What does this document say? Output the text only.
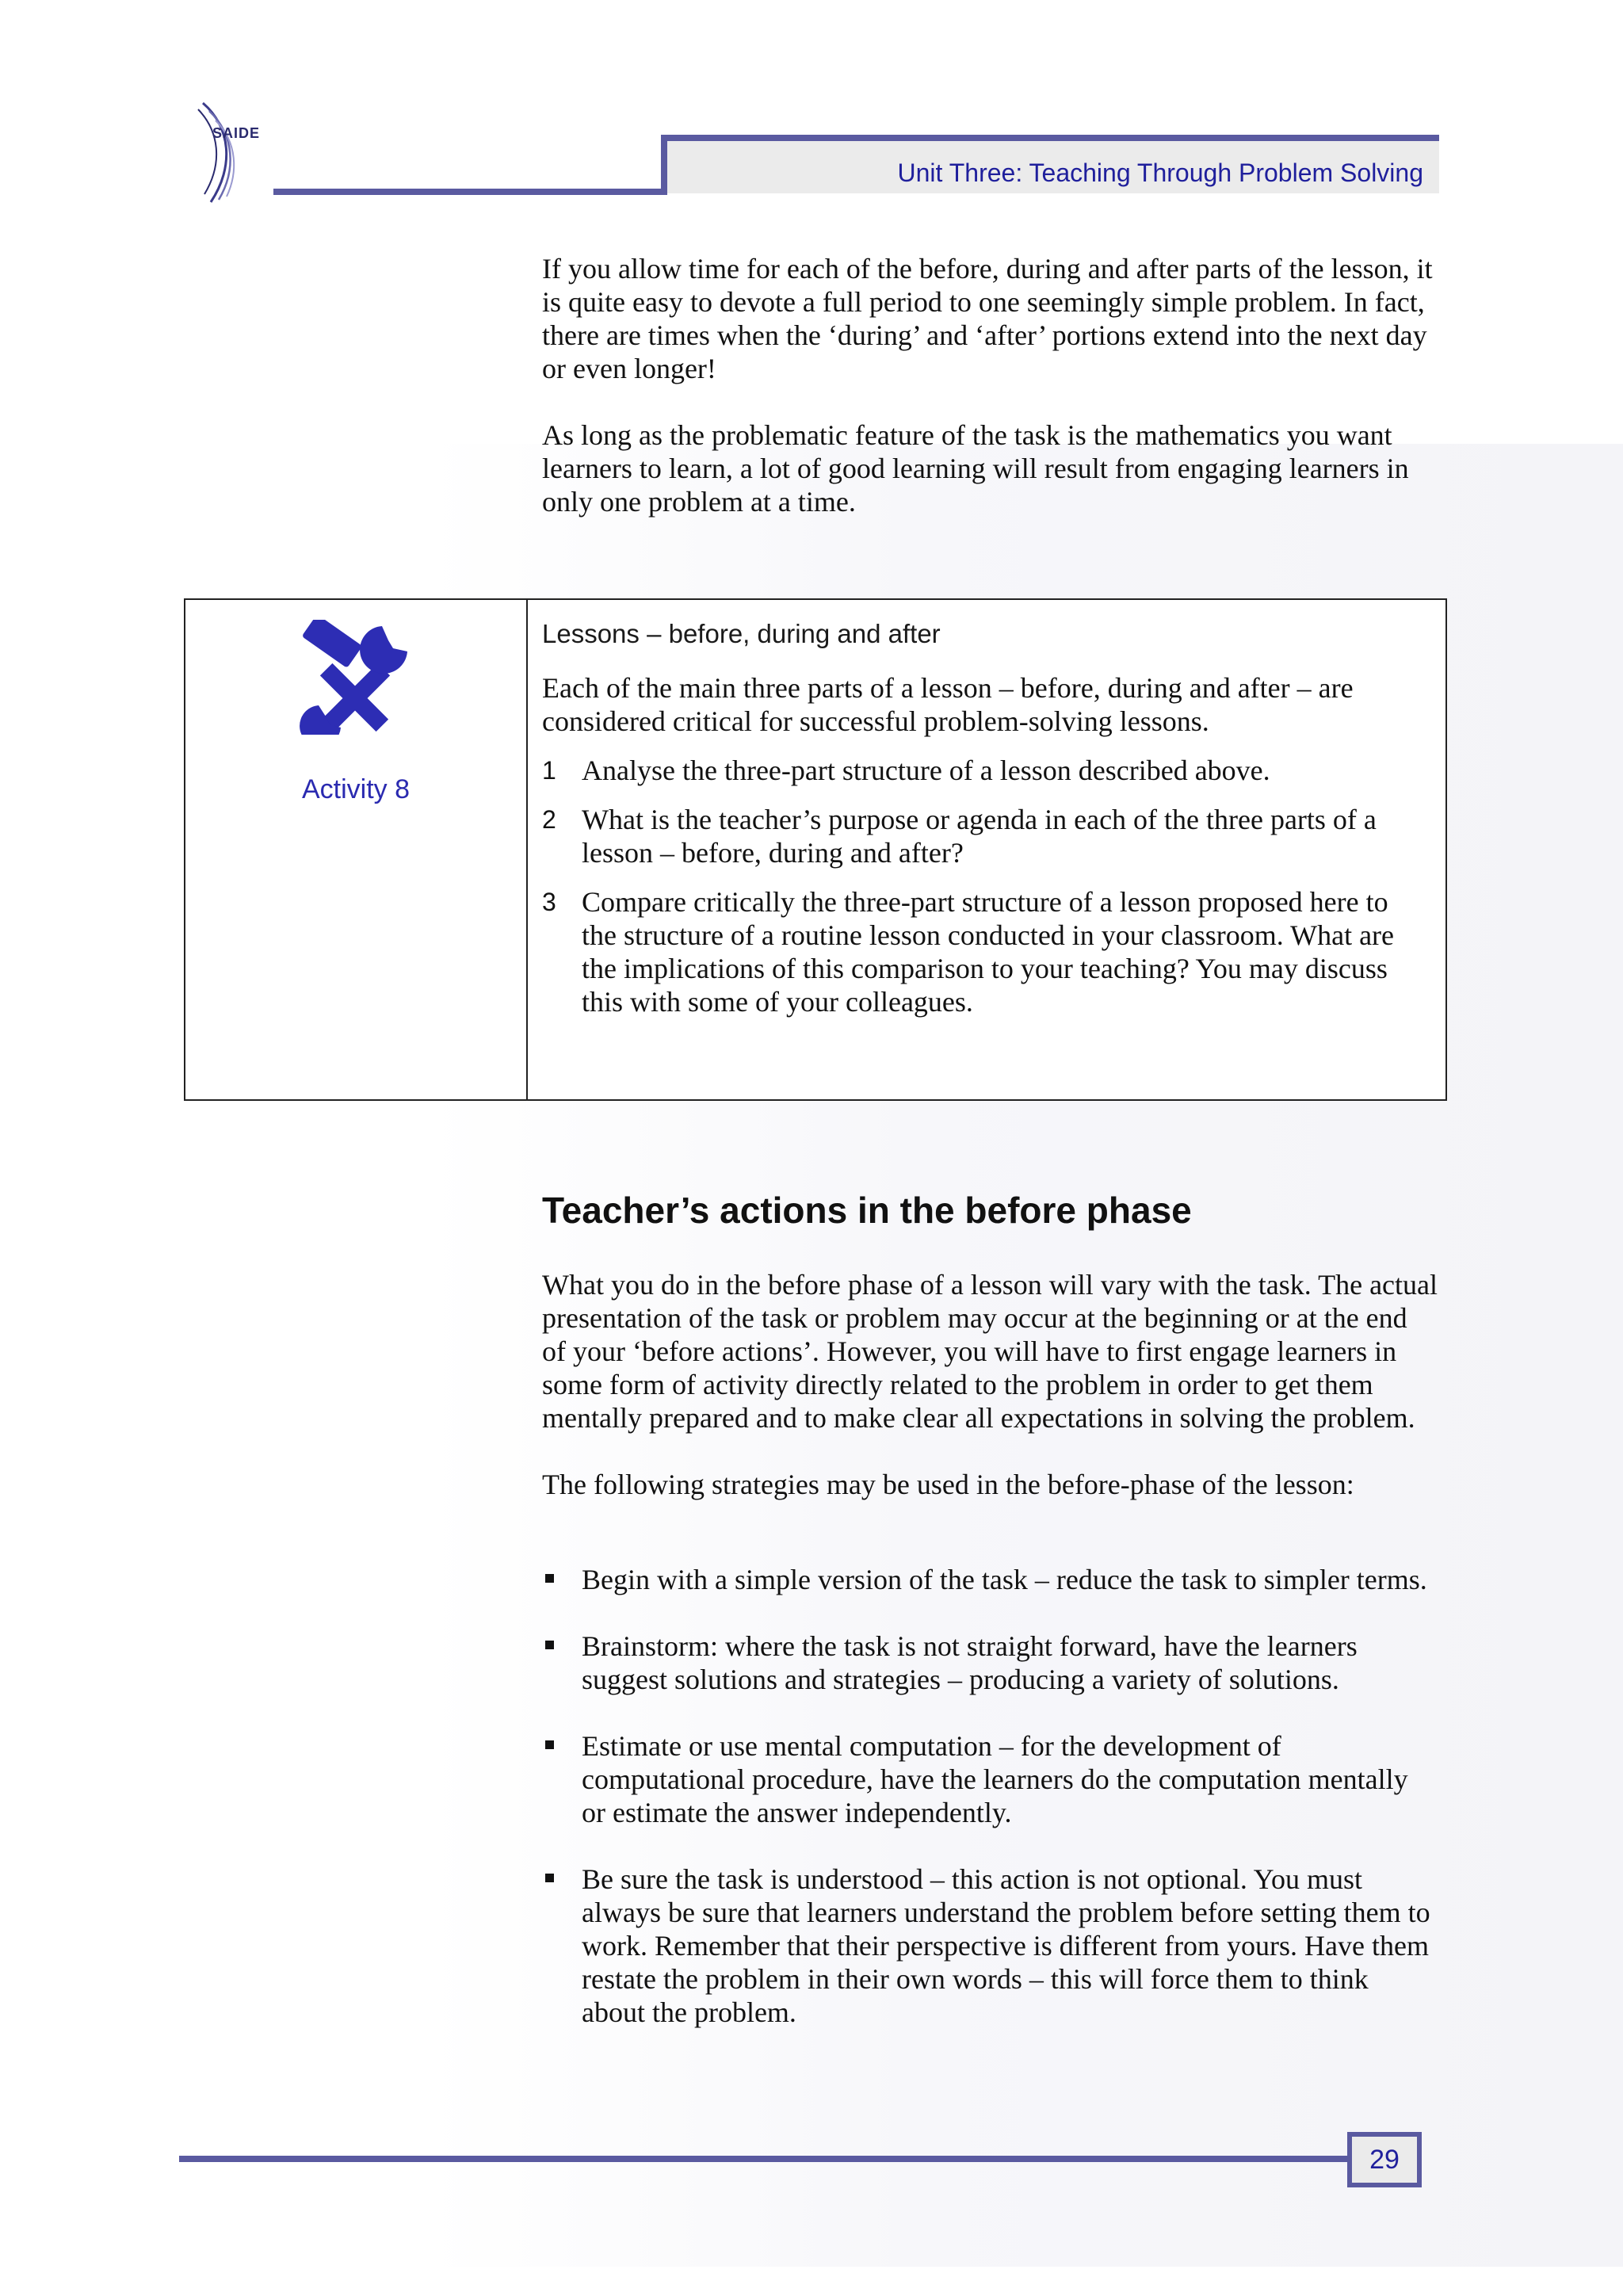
SAIDE
Unit Three: Teaching Through Problem Solving

If you allow time for each of the before, during and after parts of the lesson, it is quite easy to devote a full period to one seemingly simple problem. In fact, there are times when the ‘during’ and ‘after’ portions extend into the next day or even longer!

As long as the problematic feature of the task is the mathematics you want learners to learn, a lot of good learning will result from engaging learners in only one problem at a time.

Activity 8
Lessons – before, during and after

Each of the main three parts of a lesson – before, during and after – are considered critical for successful problem-solving lessons.

1 Analyse the three-part structure of a lesson described above.
2 What is the teacher’s purpose or agenda in each of the three parts of a lesson – before, during and after?
3 Compare critically the three-part structure of a lesson proposed here to the structure of a routine lesson conducted in your classroom. What are the implications of this comparison to your teaching? You may discuss this with some of your colleagues.
Teacher’s actions in the before phase

What you do in the before phase of a lesson will vary with the task. The actual presentation of the task or problem may occur at the beginning or at the end of your ‘before actions’. However, you will have to first engage learners in some form of activity directly related to the problem in order to get them mentally prepared and to make clear all expectations in solving the problem.

The following strategies may be used in the before-phase of the lesson:

Begin with a simple version of the task – reduce the task to simpler terms.
Brainstorm: where the task is not straight forward, have the learners suggest solutions and strategies – producing a variety of solutions.
Estimate or use mental computation – for the development of computational procedure, have the learners do the computation mentally or estimate the answer independently.
Be sure the task is understood – this action is not optional. You must always be sure that learners understand the problem before setting them to work. Remember that their perspective is different from yours. Have them restate the problem in their own words – this will force them to think about the problem.
29
